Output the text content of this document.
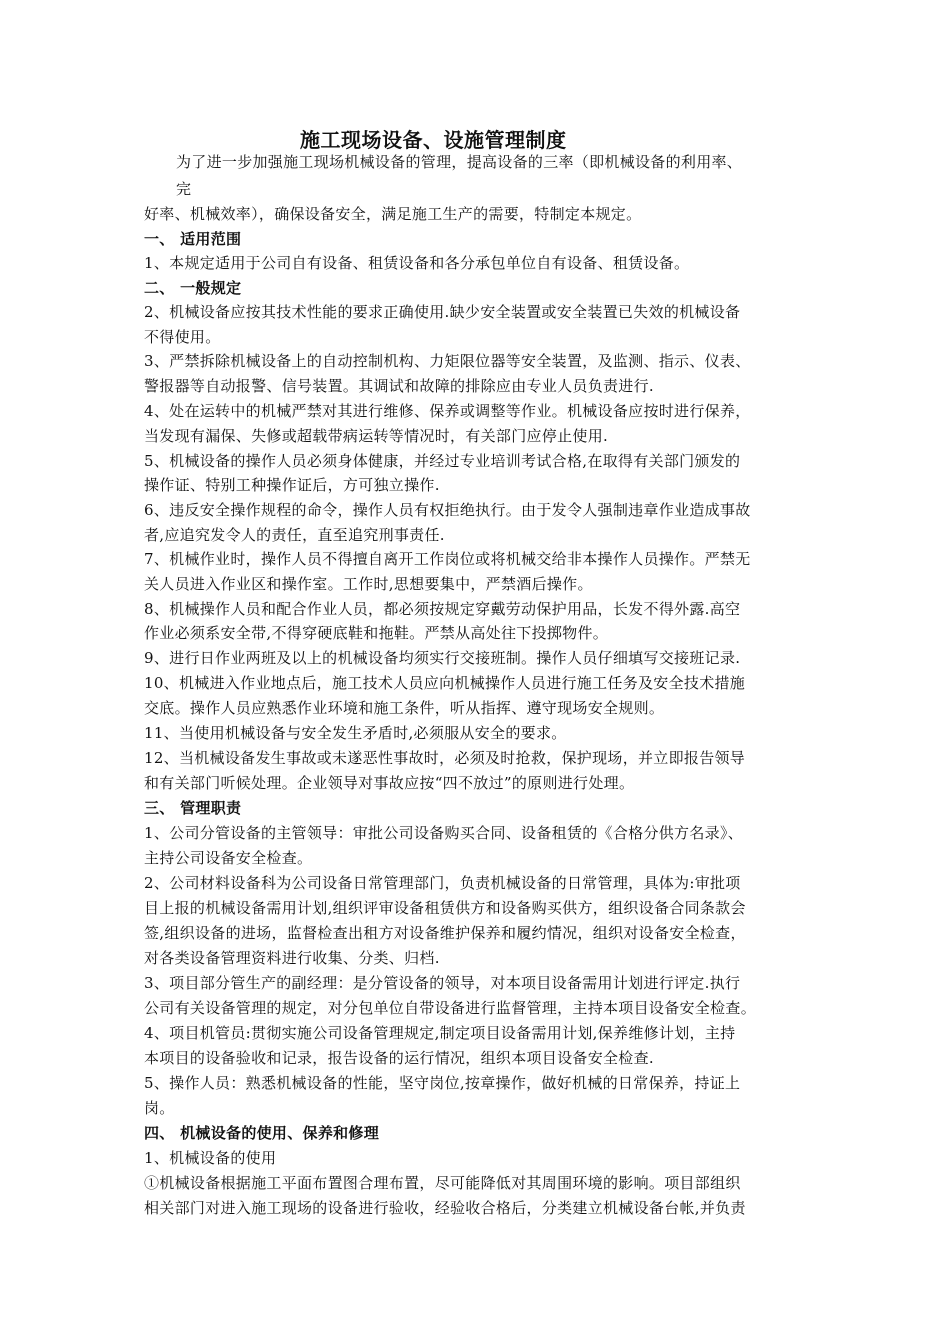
施工现场设备、设施管理制度
为了进一步加强施工现场机械设备的管理，提高设备的三率（即机械设备的利用率、
完
好率、机械效率），确保设备安全，满足施工生产的需要，特制定本规定。
一、 适用范围
1、本规定适用于公司自有设备、租赁设备和各分承包单位自有设备、租赁设备。
二、 一般规定
2、机械设备应按其技术性能的要求正确使用.缺少安全装置或安全装置已失效的机械设备
不得使用。
3、严禁拆除机械设备上的自动控制机构、力矩限位器等安全装置，及监测、指示、仪表、
警报器等自动报警、信号装置。其调试和故障的排除应由专业人员负责进行.
4、处在运转中的机械严禁对其进行维修、保养或调整等作业。机械设备应按时进行保养，
当发现有漏保、失修或超载带病运转等情况时，有关部门应停止使用.
5、机械设备的操作人员必须身体健康，并经过专业培训考试合格,在取得有关部门颁发的
操作证、特别工种操作证后，方可独立操作.
6、违反安全操作规程的命令，操作人员有权拒绝执行。由于发令人强制违章作业造成事故
者,应追究发令人的责任，直至追究刑事责任.
7、机械作业时，操作人员不得擅自离开工作岗位或将机械交给非本操作人员操作。严禁无
关人员进入作业区和操作室。工作时,思想要集中，严禁酒后操作。
8、机械操作人员和配合作业人员，都必须按规定穿戴劳动保护用品，长发不得外露.高空
作业必须系安全带,不得穿硬底鞋和拖鞋。严禁从高处往下投掷物件。
9、进行日作业两班及以上的机械设备均须实行交接班制。操作人员仔细填写交接班记录.
10、机械进入作业地点后，施工技术人员应向机械操作人员进行施工任务及安全技术措施
交底。操作人员应熟悉作业环境和施工条件，听从指挥、遵守现场安全规则。
11、当使用机械设备与安全发生矛盾时,必须服从安全的要求。
12、当机械设备发生事故或未遂恶性事故时，必须及时抢救，保护现场，并立即报告领导
和有关部门听候处理。企业领导对事故应按“四不放过”的原则进行处理。
三、 管理职责
1、公司分管设备的主管领导：审批公司设备购买合同、设备租赁的《合格分供方名录》、
主持公司设备安全检查。
2、公司材料设备科为公司设备日常管理部门，负责机械设备的日常管理，具体为:审批项
目上报的机械设备需用计划,组织评审设备租赁供方和设备购买供方，组织设备合同条款会
签,组织设备的进场，监督检查出租方对设备维护保养和履约情况，组织对设备安全检查，
对各类设备管理资料进行收集、分类、归档.
3、项目部分管生产的副经理：是分管设备的领导，对本项目设备需用计划进行评定.执行
公司有关设备管理的规定，对分包单位自带设备进行监督管理，主持本项目设备安全检查。
4、项目机管员:贯彻实施公司设备管理规定,制定项目设备需用计划,保养维修计划，主持
本项目的设备验收和记录，报告设备的运行情况，组织本项目设备安全检查.
5、操作人员：熟悉机械设备的性能，坚守岗位,按章操作，做好机械的日常保养，持证上
岗。
四、 机械设备的使用、保养和修理
1、机械设备的使用
①机械设备根据施工平面布置图合理布置，尽可能降低对其周围环境的影响。项目部组织
相关部门对进入施工现场的设备进行验收，经验收合格后，分类建立机械设备台帐,并负责
